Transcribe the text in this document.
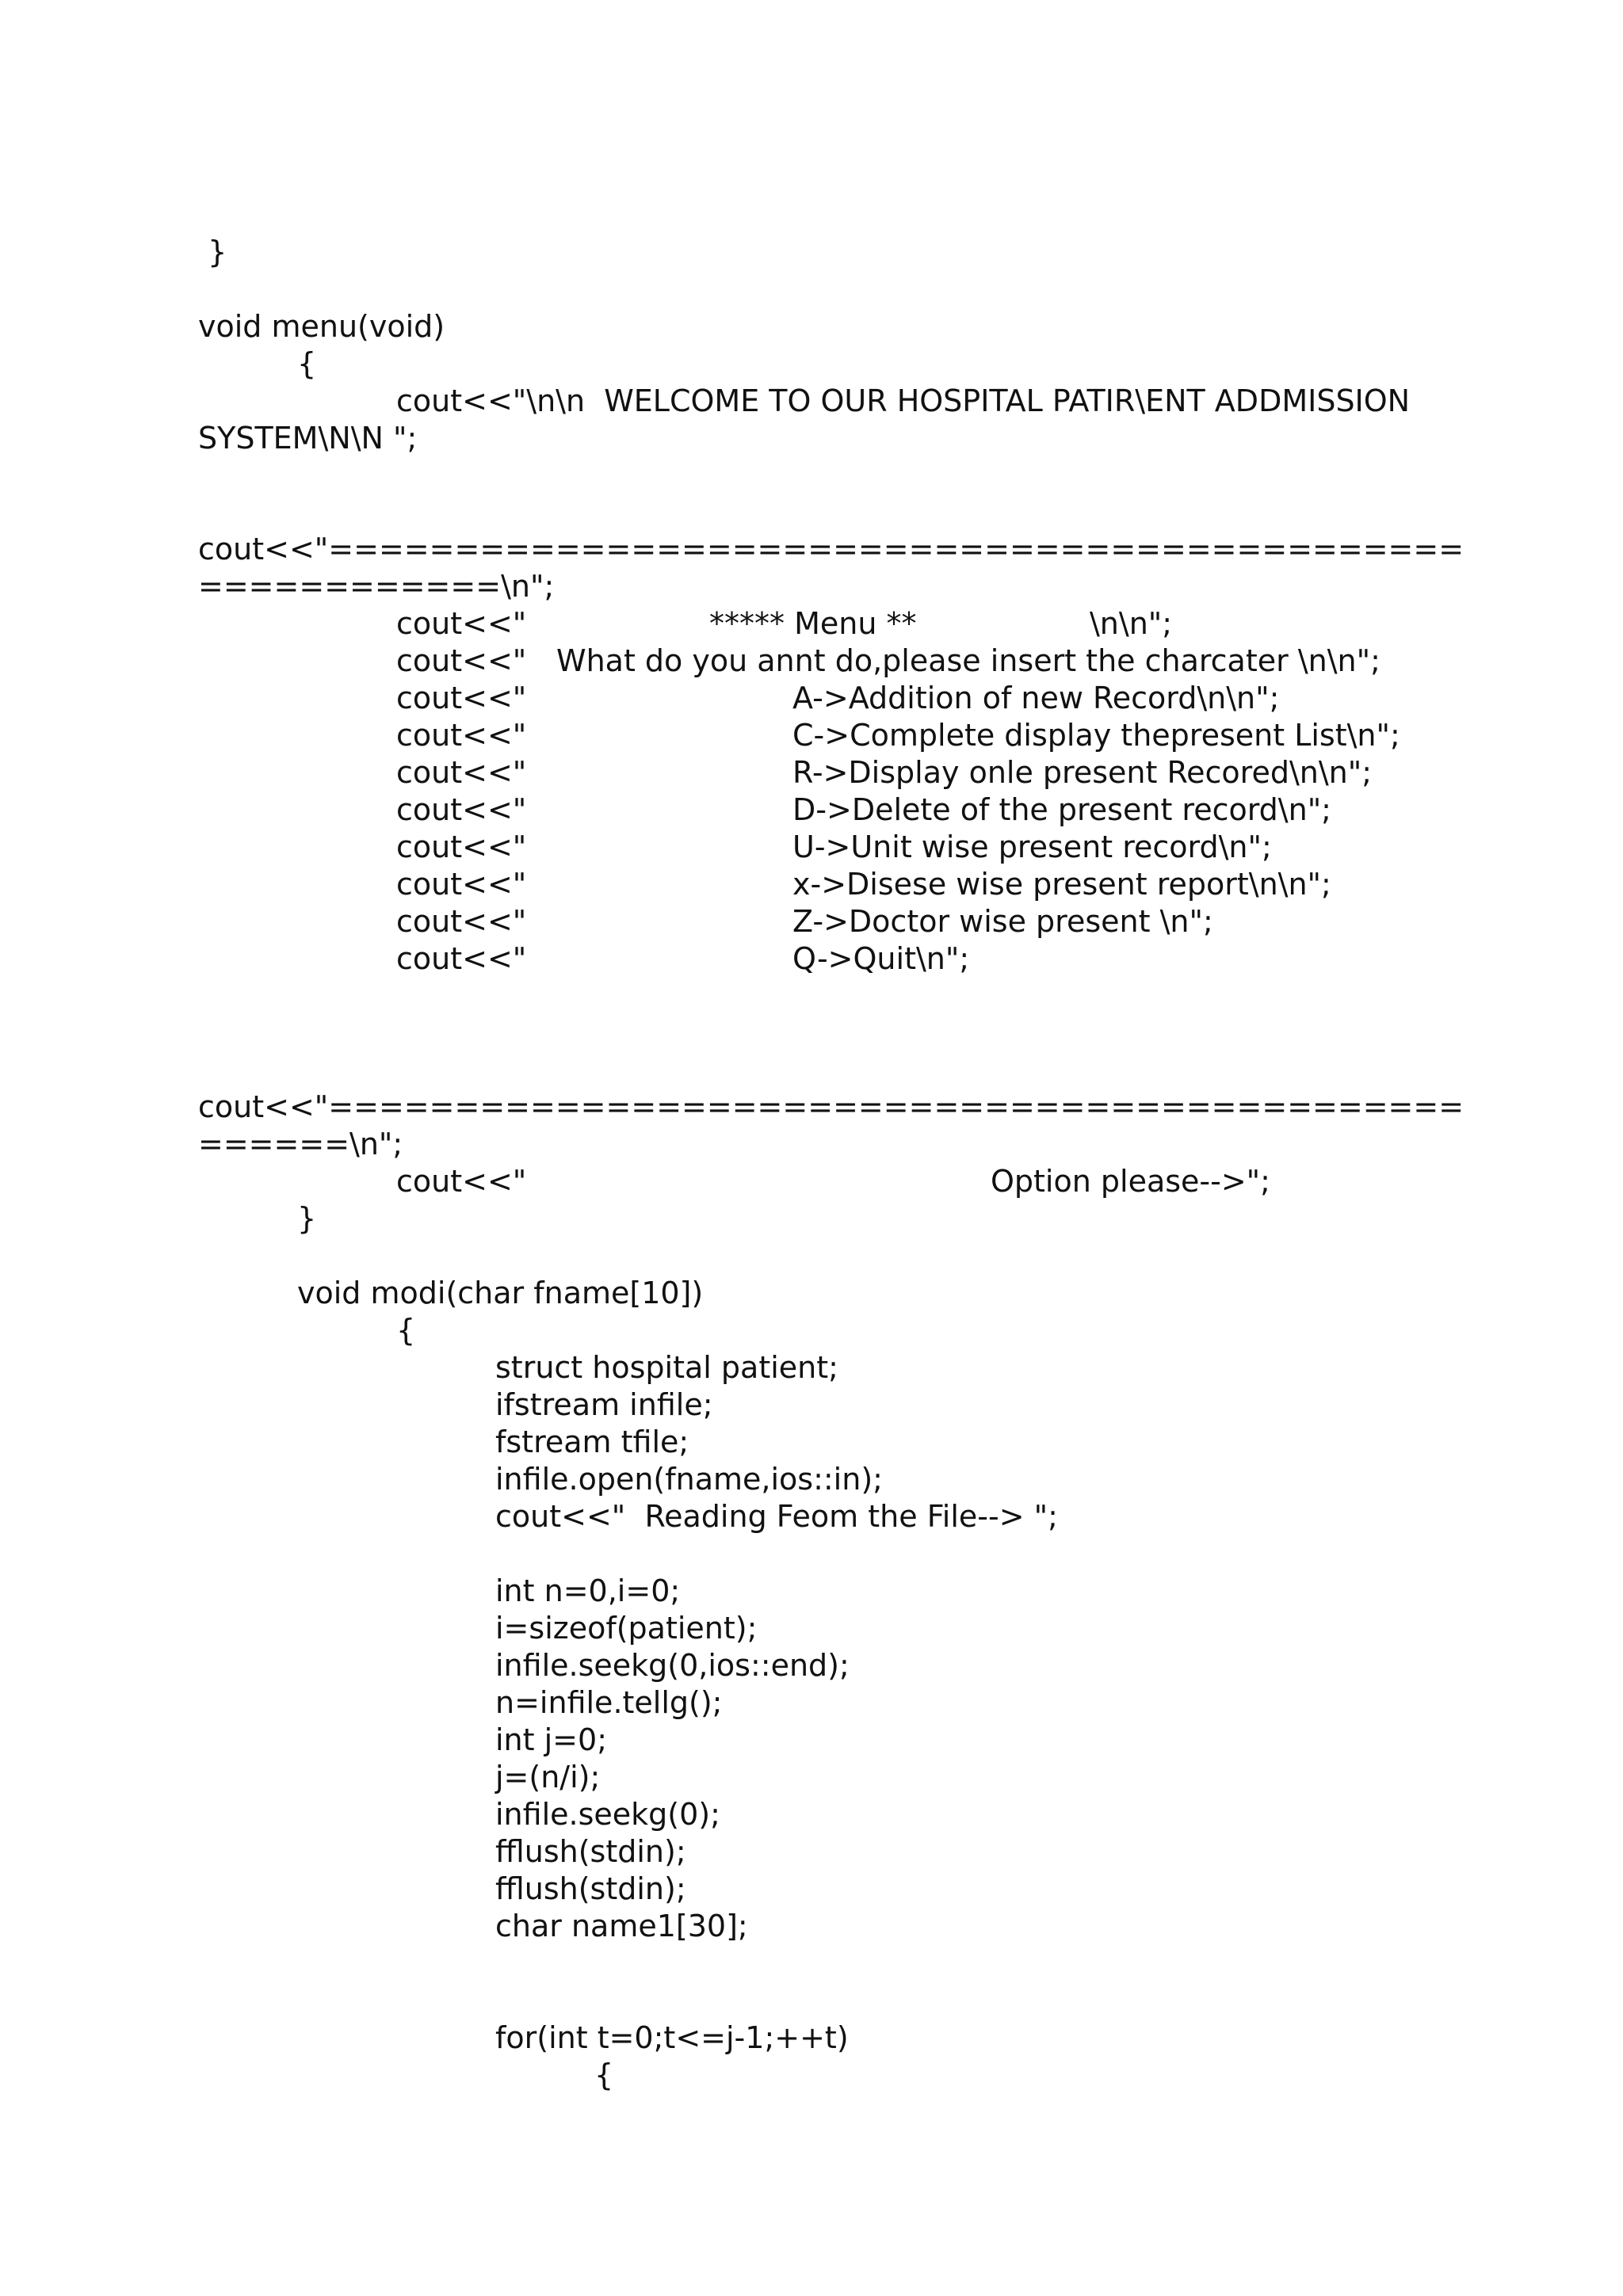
}
void menu(void)
{
cout<<"\n\n  WELCOME TO OUR HOSPITAL PATIR\ENT ADDMISSION
SYSTEM\N\N ";
cout<<"=============================================
============\n";

cout<<"

	***** Menu **

	\n\n";

cout<<"

What do you annt do,please insert the charcater \n\n";

cout<<"

	A->Addition of new Record\n\n";

cout<<"

	C->Complete display thepresent List\n";

cout<<"

	R->Display onle present Recored\n\n";

cout<<"

	D->Delete of the present record\n";

cout<<"

	U->Unit wise present record\n";

cout<<"

	x->Disese wise present report\n\n";

cout<<"

	Z->Doctor wise present \n";

cout<<"

	Q->Quit\n";

cout<<"=============================================
======\n";

cout<<"

	Option please-->";

}
void modi(char fname[10])
{
struct hospital patient;
ifstream infile;
fstream tfile;
infile.open(fname,ios::in);
cout<<"  Reading Feom the File--> ";
int n=0,i=0;
i=sizeof(patient);
infile.seekg(0,ios::end);
n=infile.tellg();
int j=0;
j=(n/i);
infile.seekg(0);
fflush(stdin);
fflush(stdin);
char name1[30];
for(int t=0;t<=j-1;++t)
{
